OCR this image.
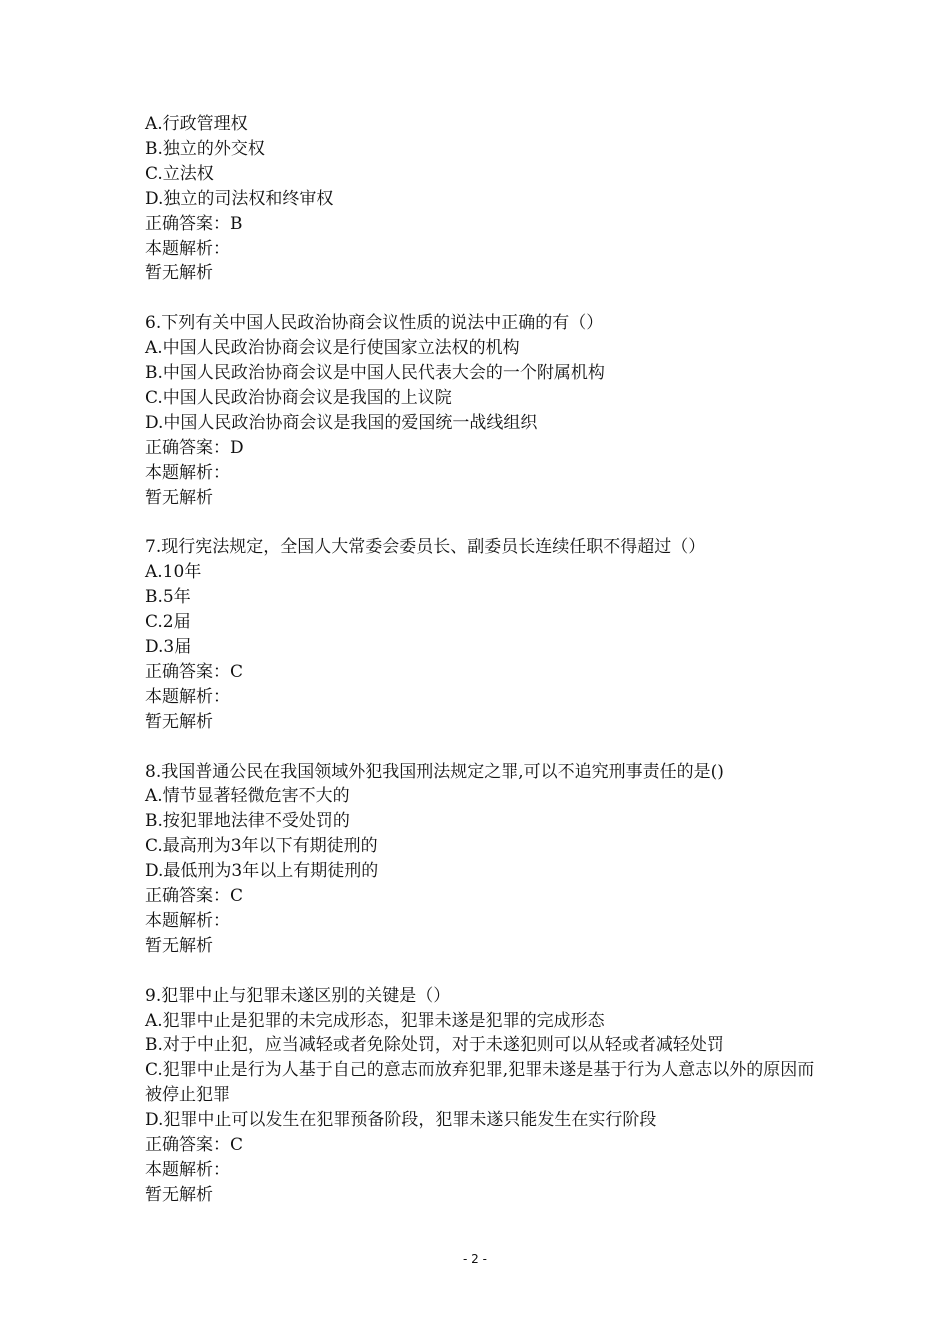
A.行政管理权
B.独立的外交权
C.立法权
D.独立的司法权和终审权
正确答案：B
本题解析：
暂无解析
6.下列有关中国人民政治协商会议性质的说法中正确的有（）
A.中国人民政治协商会议是行使国家立法权的机构
B.中国人民政治协商会议是中国人民代表大会的一个附属机构
C.中国人民政治协商会议是我国的上议院
D.中国人民政治协商会议是我国的爱国统一战线组织
正确答案：D
本题解析：
暂无解析
7.现行宪法规定，全国人大常委会委员长、副委员长连续任职不得超过（）
A.10年
B.5年
C.2届
D.3届
正确答案：C
本题解析：
暂无解析
8.我国普通公民在我国领域外犯我国刑法规定之罪,可以不追究刑事责任的是()
A.情节显著轻微危害不大的
B.按犯罪地法律不受处罚的
C.最高刑为3年以下有期徒刑的
D.最低刑为3年以上有期徒刑的
正确答案：C
本题解析：
暂无解析
9.犯罪中止与犯罪未遂区别的关键是（）
A.犯罪中止是犯罪的未完成形态，犯罪未遂是犯罪的完成形态
B.对于中止犯，应当减轻或者免除处罚，对于未遂犯则可以从轻或者减轻处罚
C.犯罪中止是行为人基于自己的意志而放弃犯罪,犯罪未遂是基于行为人意志以外的原因而被停止犯罪
D.犯罪中止可以发生在犯罪预备阶段，犯罪未遂只能发生在实行阶段
正确答案：C
本题解析：
暂无解析
- 2 -
